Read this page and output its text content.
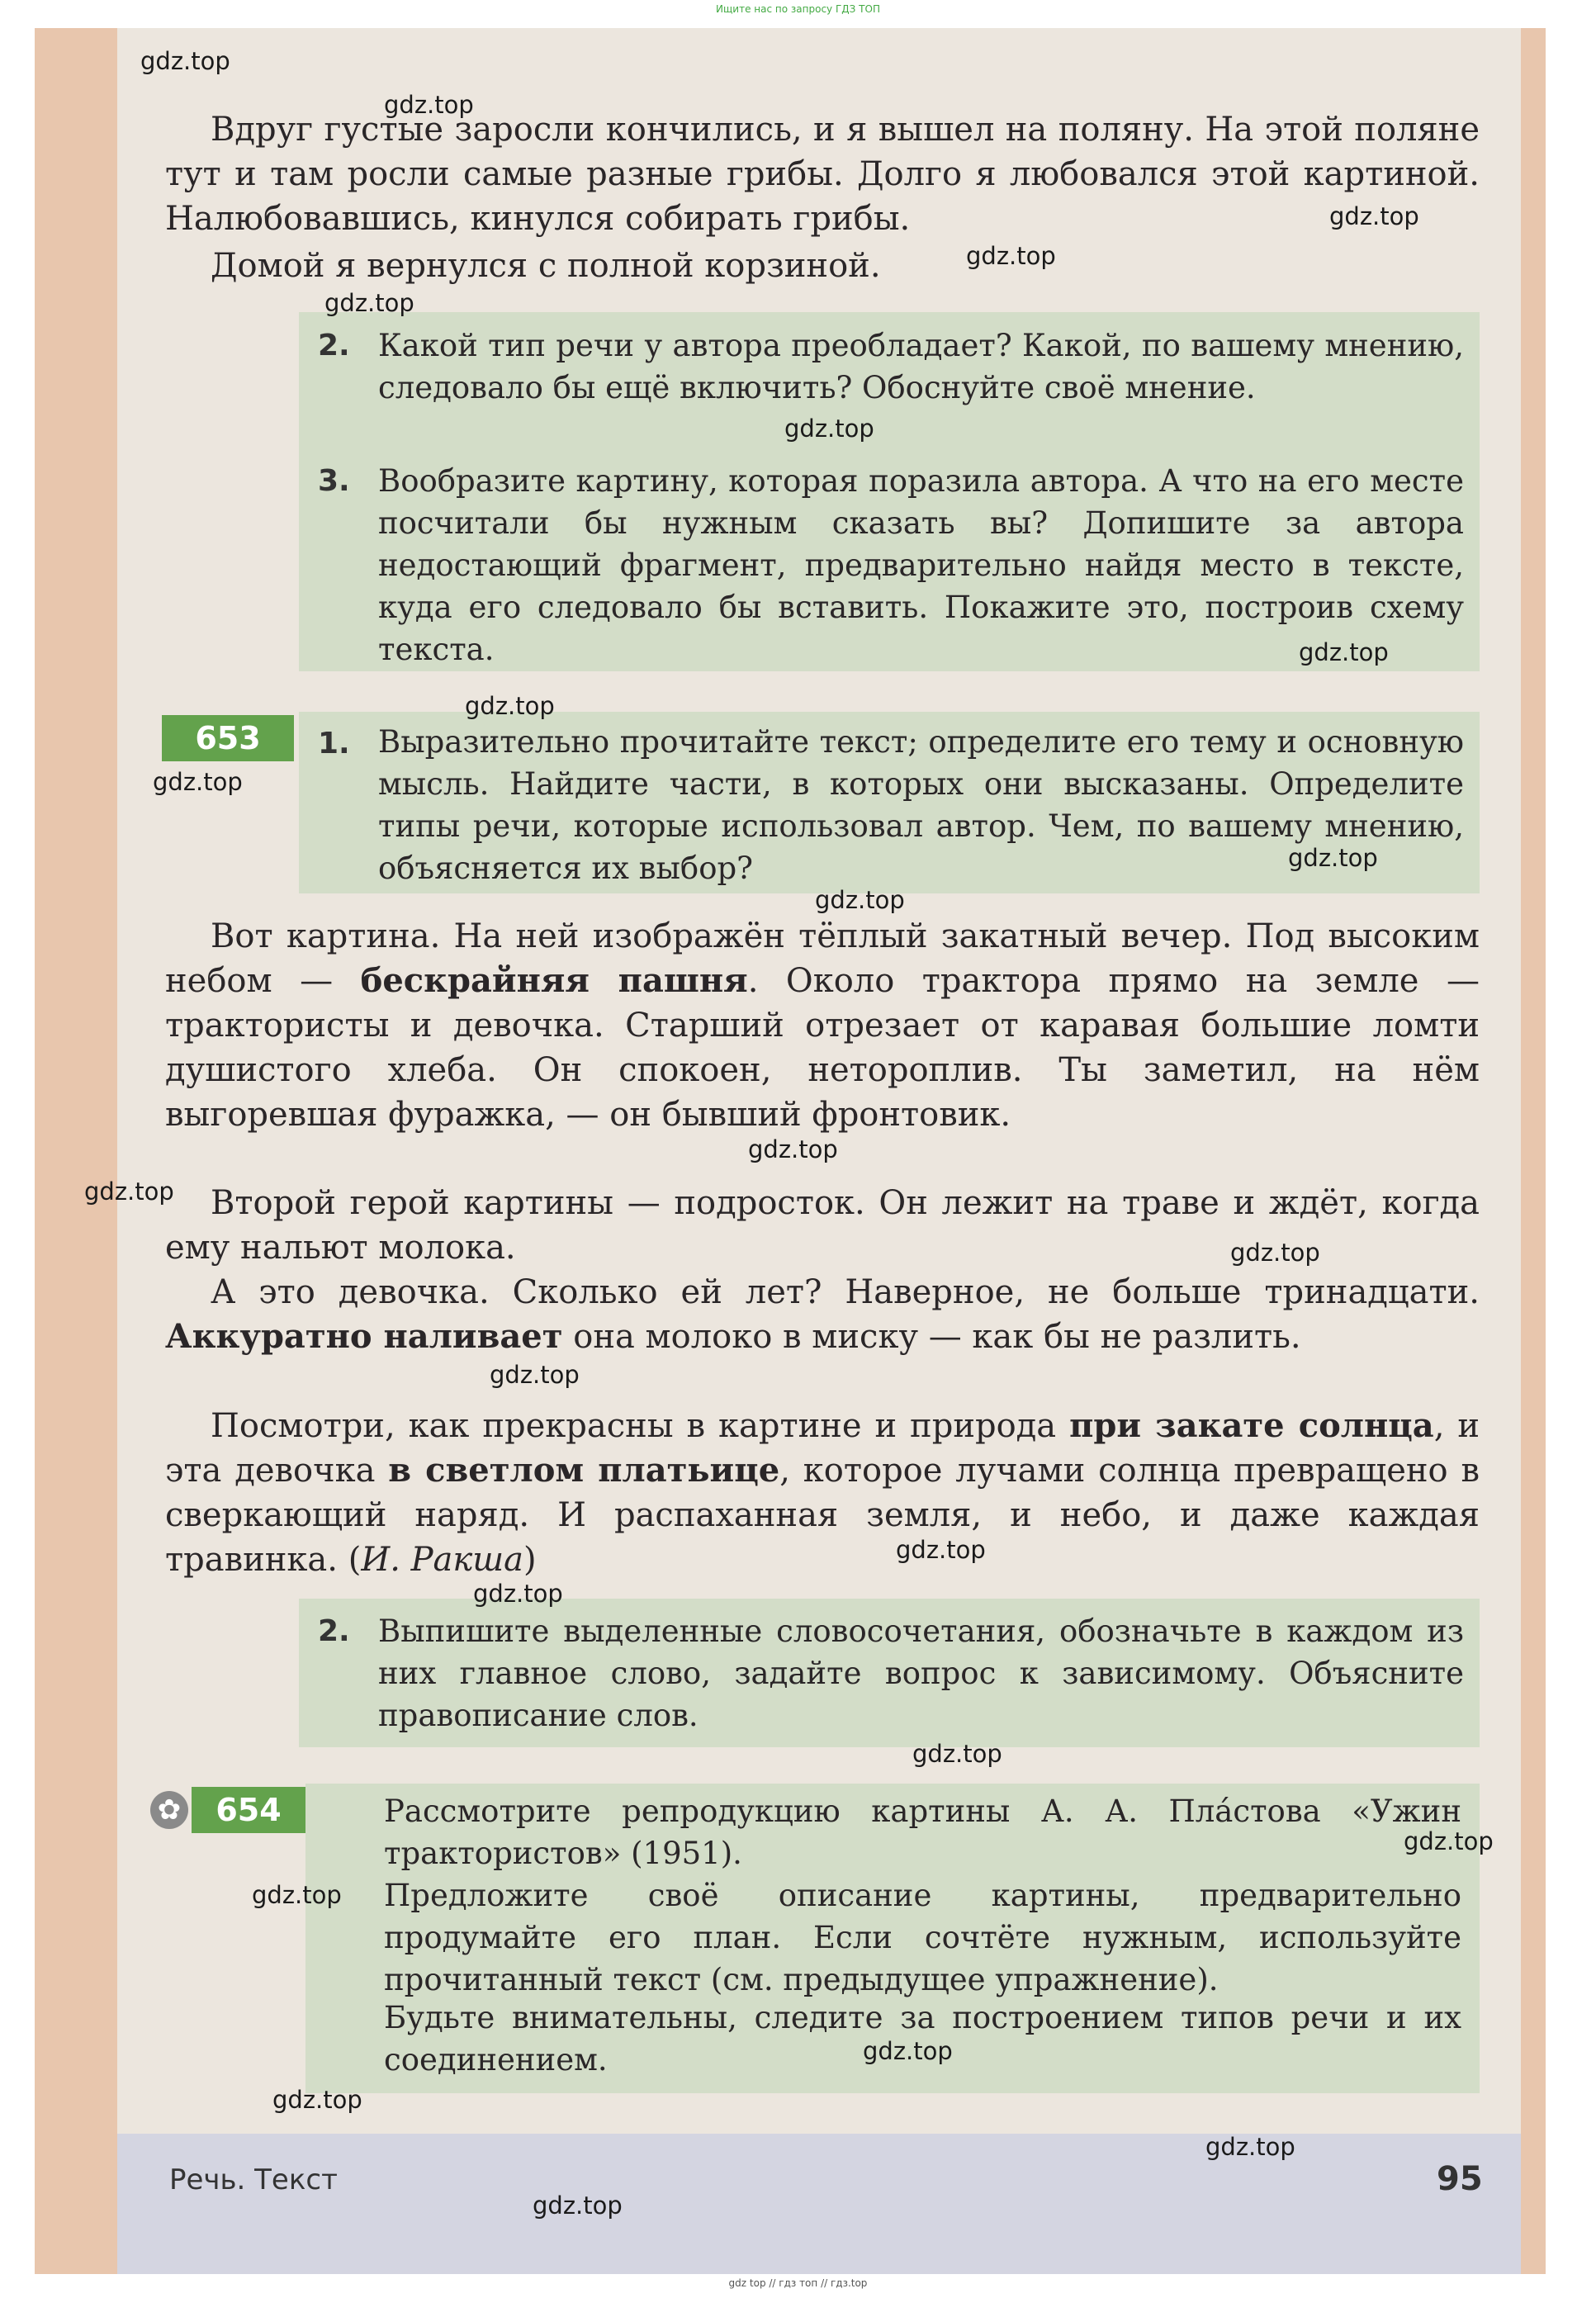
Ищите нас по запросу ГДЗ ТОП

Вдруг густые заросли кончились, и я вышел на поляну. На этой поляне тут и там росли самые разные грибы. Долго я любовался этой картиной. Налюбовавшись, кинулся собирать грибы.

Домой я вернулся с полной корзиной.

2. Какой тип речи у автора преобладает? Какой, по вашему мнению, следовало бы ещё включить? Обоснуйте своё мнение.

3. Вообразите картину, которая поразила автора. А что на его месте посчитали бы нужным сказать вы? Допишите за автора недостающий фрагмент, предварительно найдя место в тексте, куда его следовало бы вставить. Покажите это, построив схему текста.

653	1. Выразительно прочитайте текст; определите его тему и основную мысль. Найдите части, в которых они высказаны. Определите типы речи, которые использовал автор. Чем, по вашему мнению, объясняется их выбор?

Вот картина. На ней изображён тёплый закатный вечер. Под высоким небом — бескрайняя пашня. Около трактора прямо на земле — трактористы и девочка. Старший отрезает от каравая большие ломти душистого хлеба. Он спокоен, нетороплив. Ты заметил, на нём выгоревшая фуражка, — он бывший фронтовик.

Второй герой картины — подросток. Он лежит на траве и ждёт, когда ему нальют молока.

А это девочка. Сколько ей лет? Наверное, не больше тринадцати. Аккуратно наливает она молоко в миску — как бы не разлить.

Посмотри, как прекрасны в картине и природа при закате солнца, и эта девочка в светлом платьице, которое лучами солнца превращено в сверкающий наряд. И распаханная земля, и небо, и даже каждая травинка. (И. Ракша)

2. Выпишите выделенные словосочетания, обозначьте в каждом из них главное слово, задайте вопрос к зависимому. Объясните правописание слов.

✿	654	Рассмотрите репродукцию картины А. А. Пла́стова «Ужин трактористов» (1951).

Предложите своё описание картины, предварительно продумайте его план. Если сочтёте нужным, используйте прочитанный текст (см. предыдущее упражнение).

Будьте внимательны, следите за построением типов речи и их соединением.

Речь. Текст	95
gdz top // гдз топ // гдз.top
gdz.top
gdz.top
gdz.top
gdz.top
gdz.top
gdz.top
gdz.top
gdz.top
gdz.top
gdz.top
gdz.top
gdz.top
gdz.top
gdz.top
gdz.top
gdz.top
gdz.top
gdz.top
gdz.top
gdz.top
gdz.top
gdz.top
gdz.top
gdz.top
